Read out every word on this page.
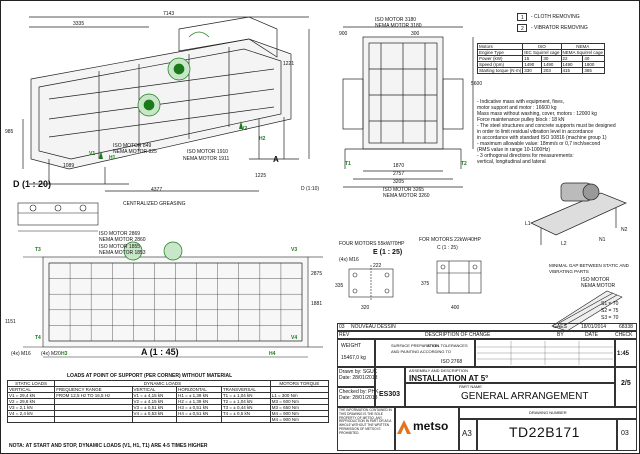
7143
3335
985
1089
4377
1221
1225
V1
H1
V2
H2
ISO MOTOR 849
NEMA MOTOR 825	ISO MOTOR 1910
NEMA MOTOR 1911	A
ISO MOTOR 3180
NEMA MOTOR 3180
900	300
5600
1870
2757
3205
ISO MOTOR 3265
NEMA MOTOR 3260
T1	T2
1 - CLOTH REMOVING
2 - VIBRATOR REMOVING
Motors	ISO		NEMA	
Engine Type	IEC Squirrel cage		NEMA Squirrel cage	
Power (kW)	15	30	22	40
Speed (rpm)	1490	1490	1490	1800
Starting torque (N·m)	330	203	415	365
- Indicative mass with equipment, fixes,
motor support and motor : 16600 kg
Mass mass without washing, cover, motors : 12000 kg
Force maintenance pulley block : 18 kN
- The steel structures and concrete supports must be designed
in order to limit residual vibration level in accordance
in accordance with standard ISO 10816 (machine group 1)
- maximum allowable value: 18mm/s or 0,7 inch/second
(RMS value in range 10-1000Hz)
- 3 orthogonal directions for measurements:
vertical, longitudinal and lateral
L1
L2
N1
N2
MINIMAL GAP BETWEEN STATIC AND VIBRATING PARTS
ISO MOTOR
NEMA MOTOR
S1 = 70
S2 = 75
S3 = 70
D (1 : 20)	D (1:10)
CENTRALIZED GREASING
ISO MOTOR 2869
NEMA MOTOR 2860
ISO MOTOR 1855
NEMA MOTOR 1853
T3
T4
V3
V4
1151
2875
1881
(4x) M16 (4x) M20 H3	H4
A (1 : 45)
FOUR MOTORS 55kW/70HP
FOR MOTORS 22kW/40HP
E (1 : 25)
C (1 : 25)
(4x) M16
222
335
320	400
375
LOADS AT POINT OF SUPPORT (PER CORNER) WITHOUT MATERIAL
STATIC LOADS	DYNAMIC LOADS				MOTORS TORQUE
VERTICAL	FREQUENCY RANGE	VERTICAL	HORIZONTAL	TRANSVERSAL	
V1 = 29,4 kN	FROM 12,5 Hz TO 16,5 Hz	V1 = ± 4,15 kN	H1 = ± 1,39 kN	T1 = ± 1,04 kN	L1 = 300 Nm
V2 = 29,8 kN		V2 = ± 4,15 kN	H2 = ± 1,39 kN	T2 = ± 1,04 kN	M3 = 600 Nm
V3 = 2,1 kN		V3 = ± 0,51 kN	H3 = ± 0,51 kN	T3 = ± 0,44 kN	M3 = 650 Nm
V4 = 2,4 kN		V4 = ± 0,53 kN	H4 = ± 0,51 kN	T4 = ± 0,5 kN	M4 = 900 Nm
					M4 = 900 Nm
NOTA: AT START AND STOP, DYNAMIC LOADS (V1, H1, T1) ARE 4-5 TIMES HIGHER
03 NOUVEAU DESSIN	GAES	18/01/2014	68338
REV	DESCRIPTION OF CHANGE	BY	DATE	CHECK
WEIGHT
15467,0 kg
Drawn by: SGUK
Date: 28/01/2013
Checked by: PHK
Date: 28/01/2013
SURFACE PREPARATION
AND PAINTING ACCORDING TO
STEEL TOLERANCES
ISO 2768
ES303
1:45
ASSEMBLY AND DESCRIPTION
INSTALLATION AT 5°
2/5
PART NAME
GENERAL ARRANGEMENT
THE INFORMATION CONTAINED IN THIS DRAWING IS THE SOLE PROPERTY OF METSO. ANY REPRODUCTION IN PART OR AS A WHOLE WITHOUT THE WRITTEN PERMISSION OF METSO IS PROHIBITED.	metso
DRAWING NUMBER
A3	TD22B171	03
